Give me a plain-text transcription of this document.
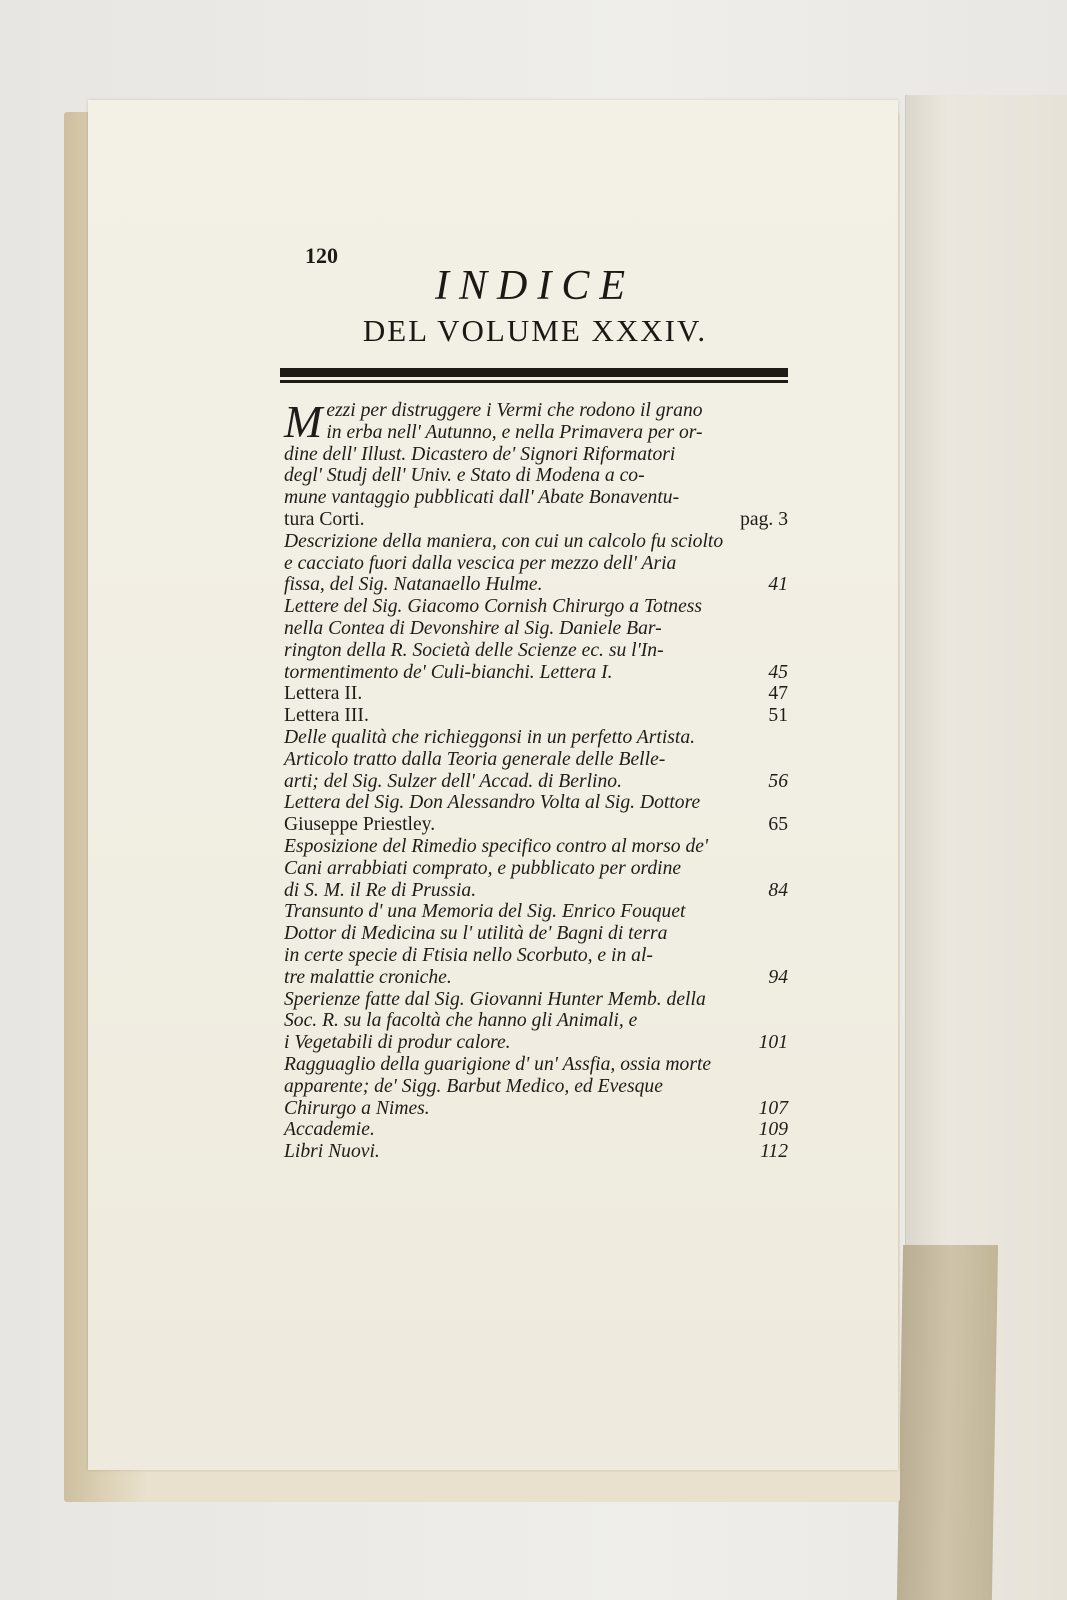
120
INDICE
DEL VOLUME XXXIV.
M ezzi per distruggere i Vermi che rodono il grano
in erba nell' Autunno, e nella Primavera per or-
dine dell' Illust. Dicastero de' Signori Riformatori
degl' Studj dell' Univ. e Stato di Modena a co-
mune vantaggio pubblicati dall' Abate Bonaventu-
pag. 3
tura Corti.
Descrizione della maniera, con cui un calcolo fu sciolto
e cacciato fuori dalla vescica per mezzo dell' Aria
41
fissa, del Sig. Natanaello Hulme.
Lettere del Sig. Giacomo Cornish Chirurgo a Totness
nella Contea di Devonshire al Sig. Daniele Bar-
rington della R. Società delle Scienze ec. su l'In-
45
tormentimento de' Culi-bianchi. Lettera I.
47
Lettera II.
51
Lettera III.
Delle qualità che richieggonsi in un perfetto Artista.
Articolo tratto dalla Teoria generale delle Belle-
56
arti; del Sig. Sulzer dell' Accad. di Berlino.
Lettera del Sig. Don Alessandro Volta al Sig. Dottore
65
Giuseppe Priestley.
Esposizione del Rimedio specifico contro al morso de'
Cani arrabbiati comprato, e pubblicato per ordine
84
di S. M. il Re di Prussia.
Transunto d' una Memoria del Sig. Enrico Fouquet
Dottor di Medicina su l' utilità de' Bagni di terra
in certe specie di Ftisia nello Scorbuto, e in al-
94
tre malattie croniche.
Sperienze fatte dal Sig. Giovanni Hunter Memb. della
Soc. R. su la facoltà che hanno gli Animali, e
101
i Vegetabili di produr calore.
Ragguaglio della guarigione d' un' Assfia, ossia morte
apparente; de' Sigg. Barbut Medico, ed Evesque
107
Chirurgo a Nimes.
109
Accademie.
112
Libri Nuovi.
